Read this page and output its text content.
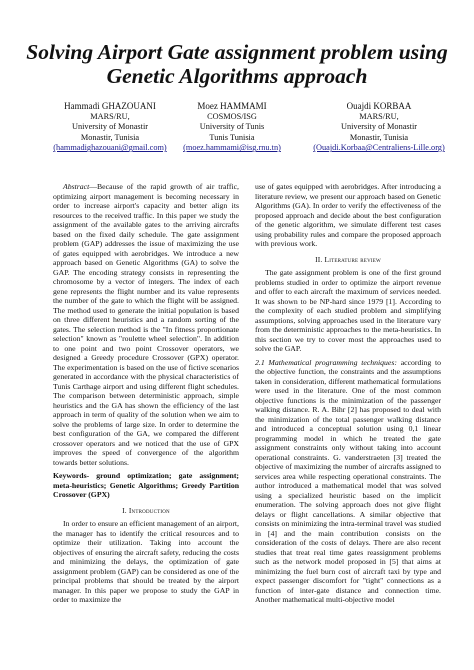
Solving Airport Gate assignment problem using Genetic Algorithms approach
Hammadi GHAZOUANI
MARS/RU,
University of Monastir
Monastir, Tunisia
(hammadighazouani@gmail.com)
Moez HAMMAMI
COSMOS/ISG
University of Tunis
Tunis Tunisia
(moez.hammami@isg.rnu.tn)
Ouajdi KORBAA
MARS/RU,
University of Monastir
Monastir, Tunisia
(Ouajdi.Korbaa@Centraliens-Lille.org)

Abstract—Because of the rapid growth of air traffic, optimizing airport management is becoming necessary in order to increase airport's capacity and better align its resources to the received traffic. In this paper we study the assignment of the available gates to the arriving aircrafts based on the fixed daily schedule. The gate assignment problem (GAP) addresses the issue of maximizing the use of gates equipped with aerobridges. We introduce a new approach based on Genetic Algorithms (GA) to solve the GAP. The encoding strategy consists in representing the chromosome by a vector of integers. The index of each gene represents the flight number and its value represents the number of the gate to which the flight will be assigned. The method used to generate the initial population is based on three different heuristics and a random sorting of the gates. The selection method is the "In fitness proportionate selection" known as "roulette wheel selection". In addition to one point and two point Crossover operators, we designed a Greedy procedure Crossover (GPX) operator. The experimentation is based on the use of fictive scenarios generated in accordance with the physical characteristics of Tunis Carthage airport and using different flight schedules. The comparison between deterministic approach, simple heuristics and the GA has shown the efficiency of the last approach in term of quality of the solution when we aim to solve the problems of large size. In order to determine the best configuration of the GA, we compared the different crossover operators and we noticed that the use of GPX improves the speed of convergence of the algorithm towards better solutions.

Keywords- ground optimization; gate assignment; meta-heuristics; Genetic Algorithms; Greedy Partition Crossover (GPX)

I. Introduction

In order to ensure an efficient management of an airport, the manager has to identify the critical resources and to optimize their utilization. Taking into account the objectives of ensuring the aircraft safety, reducing the costs and minimizing the delays, the optimization of gate assignment problem (GAP) can be considered as one of the principal problems that should be treated by the airport manager. In this paper we propose to study the GAP in order to maximize the

use of gates equipped with aerobridges. After introducing a literature review, we present our approach based on Genetic Algorithms (GA). In order to verify the effectiveness of the proposed approach and decide about the best configuration of the genetic algorithm, we simulate different test cases using probability rules and compare the proposed approach with previous work.

II. Literature review

The gate assignment problem is one of the first ground problems studied in order to optimize the airport revenue and offer to each aircraft the maximum of services needed. It was shown to be NP-hard since 1979 [1]. According to the complexity of each studied problem and simplifying assumptions, solving approaches used in the literature vary from the deterministic approaches to the meta-heuristics. In this section we try to cover most the approaches used to solve the GAP.

2.1 Mathematical programming techniques: according to the objective function, the constraints and the assumptions taken in consideration, different mathematical formulations were used in the literature. One of the most common objective functions is the minimization of the passenger walking distance. R. A. Bihr [2] has proposed to deal with the minimization of the total passenger walking distance and introduced a conceptual solution using 0,1 linear programming model in which he treated the gate assignment constraints only without taking into account operational constraints. G. vanderstraeten [3] treated the objective of maximizing the number of aircrafts assigned to services area while respecting operational constraints. The author introduced a mathematical model that was solved using a specialized heuristic based on the implicit enumeration. The solving approach does not give flight delays or flight cancellations. A similar objective that consists on minimizing the intra-terminal travel was studied in [4] and the main contribution consists on the consideration of the costs of delays. There are also recent studies that treat real time gates reassignment problems such as the network model proposed in [5] that aims at minimizing the fuel burn cost of aircraft taxi by type and expect passenger discomfort for "tight" connections as a function of inter-gate distance and connection time. Another mathematical multi-objective model
